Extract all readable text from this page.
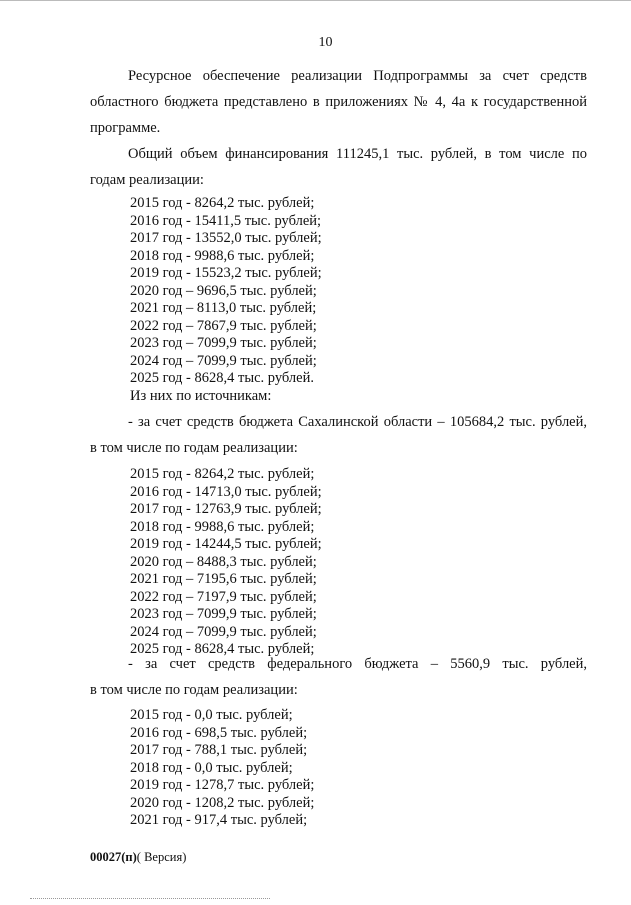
10

Ресурсное обеспечение реализации Подпрограммы за счет средств областного бюджета представлено в приложениях № 4, 4а к государственной программе.

Общий объем финансирования 111245,1 тыс. рублей, в том числе по годам реализации:

2015 год - 8264,2 тыс. рублей;
2016 год - 15411,5 тыс. рублей;
2017 год - 13552,0 тыс. рублей;
2018 год - 9988,6 тыс. рублей;
2019 год - 15523,2 тыс. рублей;
2020 год – 9696,5 тыс. рублей;
2021 год – 8113,0 тыс. рублей;
2022 год – 7867,9 тыс. рублей;
2023 год – 7099,9 тыс. рублей;
2024 год – 7099,9 тыс. рублей;
2025 год - 8628,4 тыс. рублей.

Из них по источникам:

- за счет средств бюджета Сахалинской области – 105684,2 тыс. рублей,

в том числе по годам реализации:

2015 год - 8264,2 тыс. рублей;
2016 год - 14713,0 тыс. рублей;
2017 год - 12763,9 тыс. рублей;
2018 год - 9988,6 тыс. рублей;
2019 год - 14244,5 тыс. рублей;
2020 год – 8488,3 тыс. рублей;
2021 год – 7195,6 тыс. рублей;
2022 год – 7197,9 тыс. рублей;
2023 год – 7099,9 тыс. рублей;
2024 год – 7099,9 тыс. рублей;
2025 год - 8628,4 тыс. рублей;

- за счет средств федерального бюджета – 5560,9 тыс. рублей,

в том числе по годам реализации:

2015 год - 0,0 тыс. рублей;
2016 год - 698,5 тыс. рублей;
2017 год - 788,1 тыс. рублей;
2018 год - 0,0 тыс. рублей;
2019 год - 1278,7 тыс. рублей;
2020 год - 1208,2 тыс. рублей;
2021 год - 917,4 тыс. рублей;

00027(п)( Версия)
